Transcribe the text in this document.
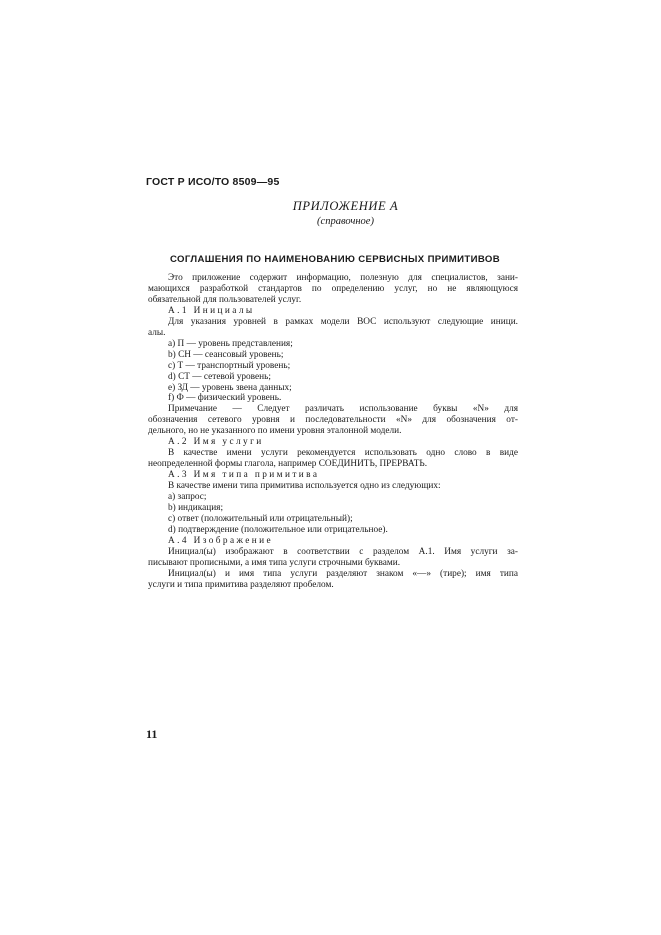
ГОСТ Р ИСО/ТО 8509—95
ПРИЛОЖЕНИЕ А
(справочное)
СОГЛАШЕНИЯ ПО НАИМЕНОВАНИЮ СЕРВИСНЫХ ПРИМИТИВОВ
Это приложение содержит информацию, полезную для специалистов, зани-
мающихся разработкой стандартов по определению услуг, но не являющуюся
обязательной для пользователей услуг.
А.1 Инициалы
Для указания уровней в рамках модели ВОС используют следующие иници.
алы.
a) П — уровень представления;
b) СН — сеансовый уровень;
c) Т — транспортный уровень;
d) СТ — сетевой уровень;
e) ЗД — уровень звена данных;
f) Ф — физический уровень.
Примечание — Следует различать использование буквы «N» для
обозначения сетевого уровня и последовательности «N» для обозначения от-
дельного, но не указанного по имени уровня эталонной модели.
А.2 Имя услуги
В качестве имени услуги рекомендуется использовать одно слово в виде
неопределенной формы глагола, например СОЕДИНИТЬ, ПРЕРВАТЬ.
А.3 Имя типа примитива
В качестве имени типа примитива используется одно из следующих:
a) запрос;
b) индикация;
c) ответ (положительный или отрицательный);
d) подтверждение (положительное или отрицательное).
А.4 Изображение
Инициал(ы) изображают в соответствии с разделом А.1. Имя услуги за-
писывают прописными, а имя типа услуги строчными буквами.
Инициал(ы) и имя типа услуги разделяют знаком «—» (тире); имя типа
услуги и типа примитива разделяют пробелом.
11
